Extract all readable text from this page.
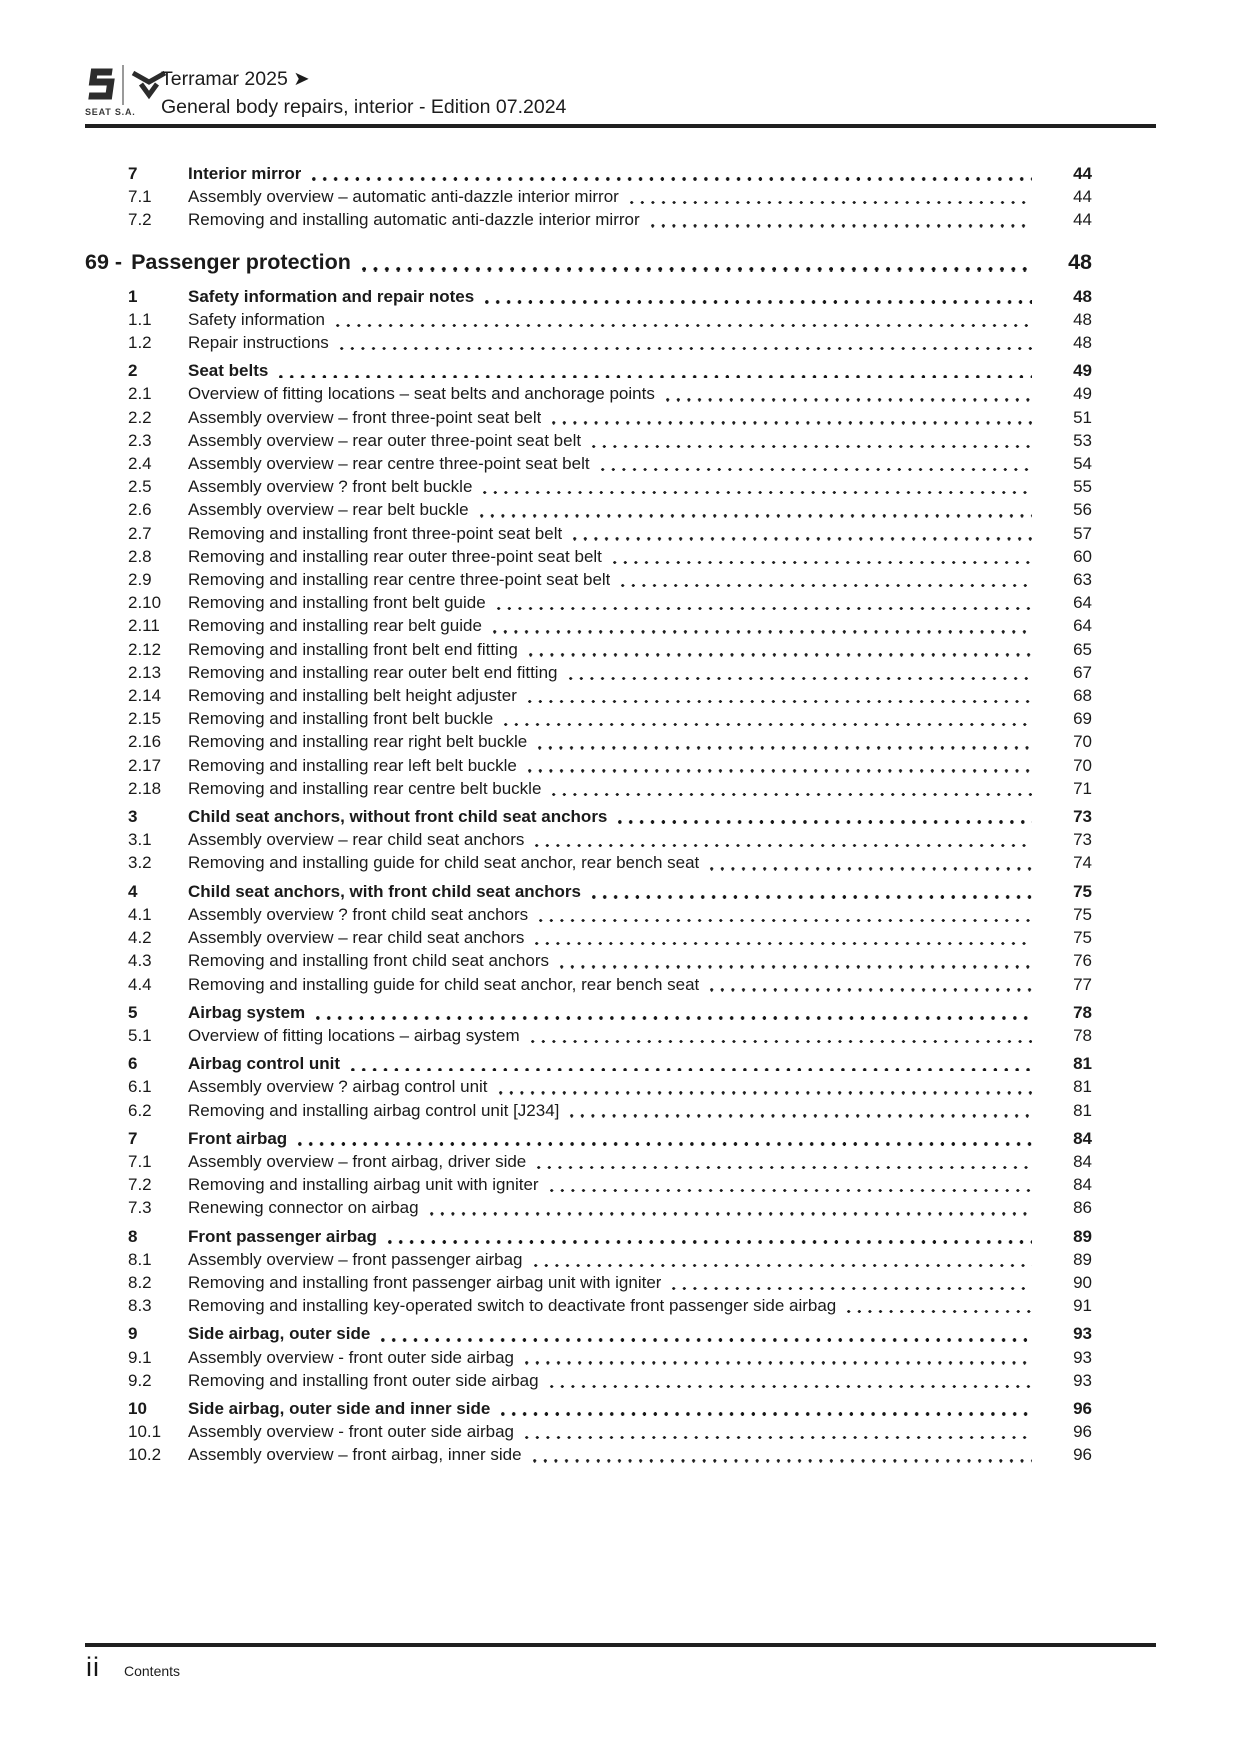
SEAT S.A.
Terramar 2025 ➤
General body repairs, interior - Edition 07.2024
7	Interior mirror	44
7.1	Assembly overview – automatic anti-dazzle interior mirror	44
7.2	Removing and installing automatic anti-dazzle interior mirror	44
69 - Passenger protection	48
1	Safety information and repair notes	48
1.1	Safety information	48
1.2	Repair instructions	48
2	Seat belts	49
2.1	Overview of fitting locations – seat belts and anchorage points	49
2.2	Assembly overview – front three-point seat belt	51
2.3	Assembly overview – rear outer three-point seat belt	53
2.4	Assembly overview – rear centre three-point seat belt	54
2.5	Assembly overview ? front belt buckle	55
2.6	Assembly overview – rear belt buckle	56
2.7	Removing and installing front three-point seat belt	57
2.8	Removing and installing rear outer three-point seat belt	60
2.9	Removing and installing rear centre three-point seat belt	63
2.10	Removing and installing front belt guide	64
2.11	Removing and installing rear belt guide	64
2.12	Removing and installing front belt end fitting	65
2.13	Removing and installing rear outer belt end fitting	67
2.14	Removing and installing belt height adjuster	68
2.15	Removing and installing front belt buckle	69
2.16	Removing and installing rear right belt buckle	70
2.17	Removing and installing rear left belt buckle	70
2.18	Removing and installing rear centre belt buckle	71
3	Child seat anchors, without front child seat anchors	73
3.1	Assembly overview – rear child seat anchors	73
3.2	Removing and installing guide for child seat anchor, rear bench seat	74
4	Child seat anchors, with front child seat anchors	75
4.1	Assembly overview ? front child seat anchors	75
4.2	Assembly overview – rear child seat anchors	75
4.3	Removing and installing front child seat anchors	76
4.4	Removing and installing guide for child seat anchor, rear bench seat	77
5	Airbag system	78
5.1	Overview of fitting locations – airbag system	78
6	Airbag control unit	81
6.1	Assembly overview ? airbag control unit	81
6.2	Removing and installing airbag control unit [J234]	81
7	Front airbag	84
7.1	Assembly overview – front airbag, driver side	84
7.2	Removing and installing airbag unit with igniter	84
7.3	Renewing connector on airbag	86
8	Front passenger airbag	89
8.1	Assembly overview – front passenger airbag	89
8.2	Removing and installing front passenger airbag unit with igniter	90
8.3	Removing and installing key-operated switch to deactivate front passenger side airbag	91
9	Side airbag, outer side	93
9.1	Assembly overview - front outer side airbag	93
9.2	Removing and installing front outer side airbag	93
10	Side airbag, outer side and inner side	96
10.1	Assembly overview - front outer side airbag	96
10.2	Assembly overview – front airbag, inner side	96
ii Contents
